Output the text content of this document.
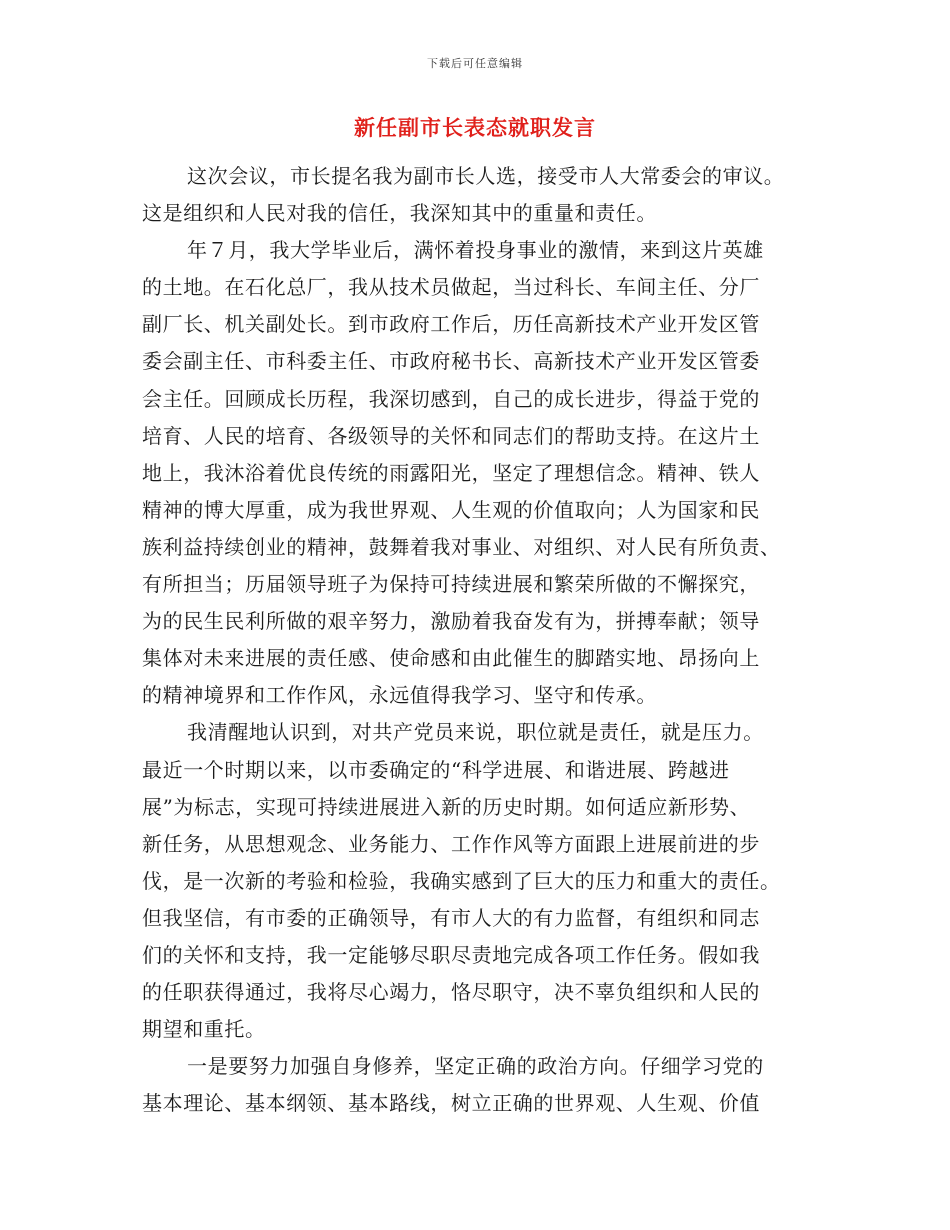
下载后可任意编辑
新任副市长表态就职发言
这次会议，市长提名我为副市长人选，接受市人大常委会的审议。
这是组织和人民对我的信任，我深知其中的重量和责任。
年７月，我大学毕业后，满怀着投身事业的激情，来到这片英雄
的土地。在石化总厂，我从技术员做起，当过科长、车间主任、分厂
副厂长、机关副处长。到市政府工作后，历任高新技术产业开发区管
委会副主任、市科委主任、市政府秘书长、高新技术产业开发区管委
会主任。回顾成长历程，我深切感到，自己的成长进步，得益于党的
培育、人民的培育、各级领导的关怀和同志们的帮助支持。在这片土
地上，我沐浴着优良传统的雨露阳光，坚定了理想信念。精神、铁人
精神的博大厚重，成为我世界观、人生观的价值取向；人为国家和民
族利益持续创业的精神，鼓舞着我对事业、对组织、对人民有所负责、
有所担当；历届领导班子为保持可持续进展和繁荣所做的不懈探究，
为的民生民利所做的艰辛努力，激励着我奋发有为，拼搏奉献；领导
集体对未来进展的责任感、使命感和由此催生的脚踏实地、昂扬向上
的精神境界和工作作风，永远值得我学习、坚守和传承。
我清醒地认识到，对共产党员来说，职位就是责任，就是压力。
最近一个时期以来，以市委确定的“科学进展、和谐进展、跨越进
展”为标志，实现可持续进展进入新的历史时期。如何适应新形势、
新任务，从思想观念、业务能力、工作作风等方面跟上进展前进的步
伐，是一次新的考验和检验，我确实感到了巨大的压力和重大的责任。
但我坚信，有市委的正确领导，有市人大的有力监督，有组织和同志
们的关怀和支持，我一定能够尽职尽责地完成各项工作任务。假如我
的任职获得通过，我将尽心竭力，恪尽职守，决不辜负组织和人民的
期望和重托。
一是要努力加强自身修养，坚定正确的政治方向。仔细学习党的
基本理论、基本纲领、基本路线，树立正确的世界观、人生观、价值
